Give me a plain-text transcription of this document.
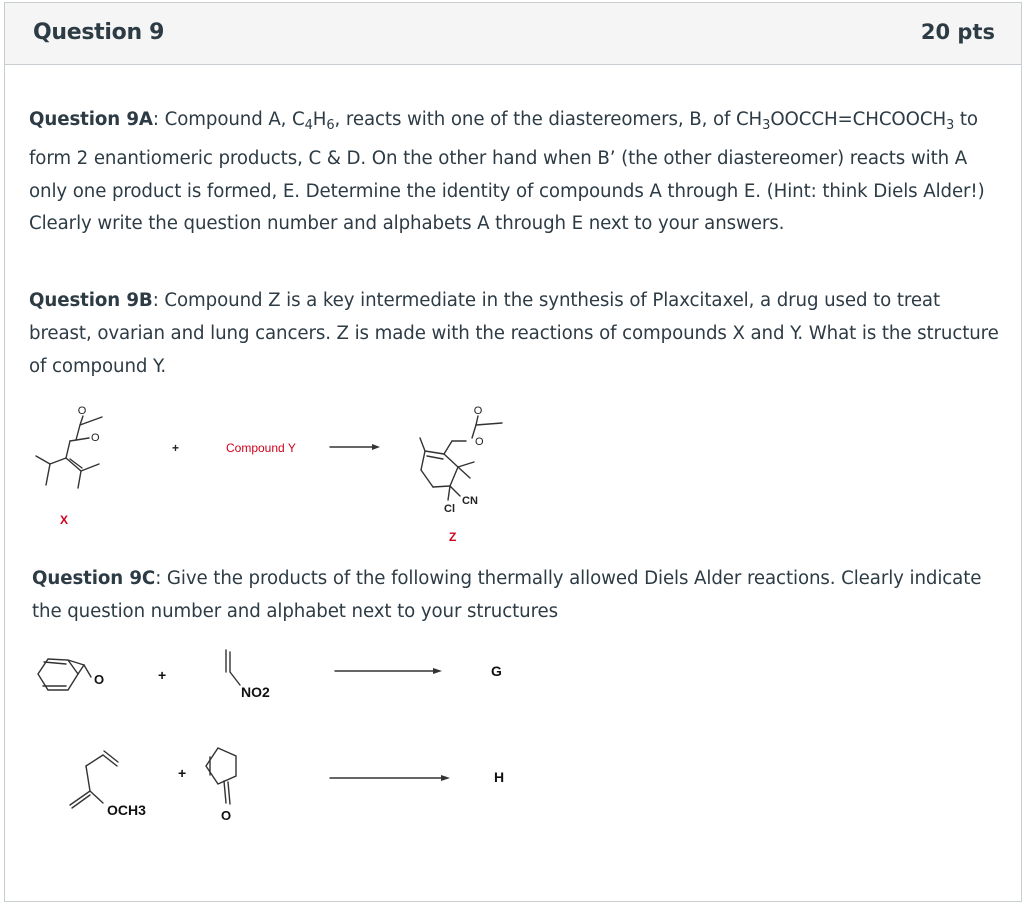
Question 9	20 pts
Question 9A: Compound A, $C_4H_6$, reacts with one of the diastereomers, B, of $CH_3OOCCH=CHCOOCH_3$ to form 2 enantiomeric products, C & D. On the other hand when B’ (the other diastereomer) reacts with A only one product is formed, E. Determine the identity of compounds A through E. (Hint: think Diels Alder!) Clearly write the question number and alphabets A through E next to your answers.
Question 9B: Compound Z is a key intermediate in the synthesis of Plaxcitaxel, a drug used to treat breast, ovarian and lung cancers. Z is made with the reactions of compounds X and Y. What is the structure of compound Y.
Question 9C: Give the products of the following thermally allowed Diels Alder reactions. Clearly indicate the question number and alphabet next to your structures
O
O
+	Compound Y
X
O
O
CN
Cl
Z
O	+
NO2
G
+
OCH3	O
H
